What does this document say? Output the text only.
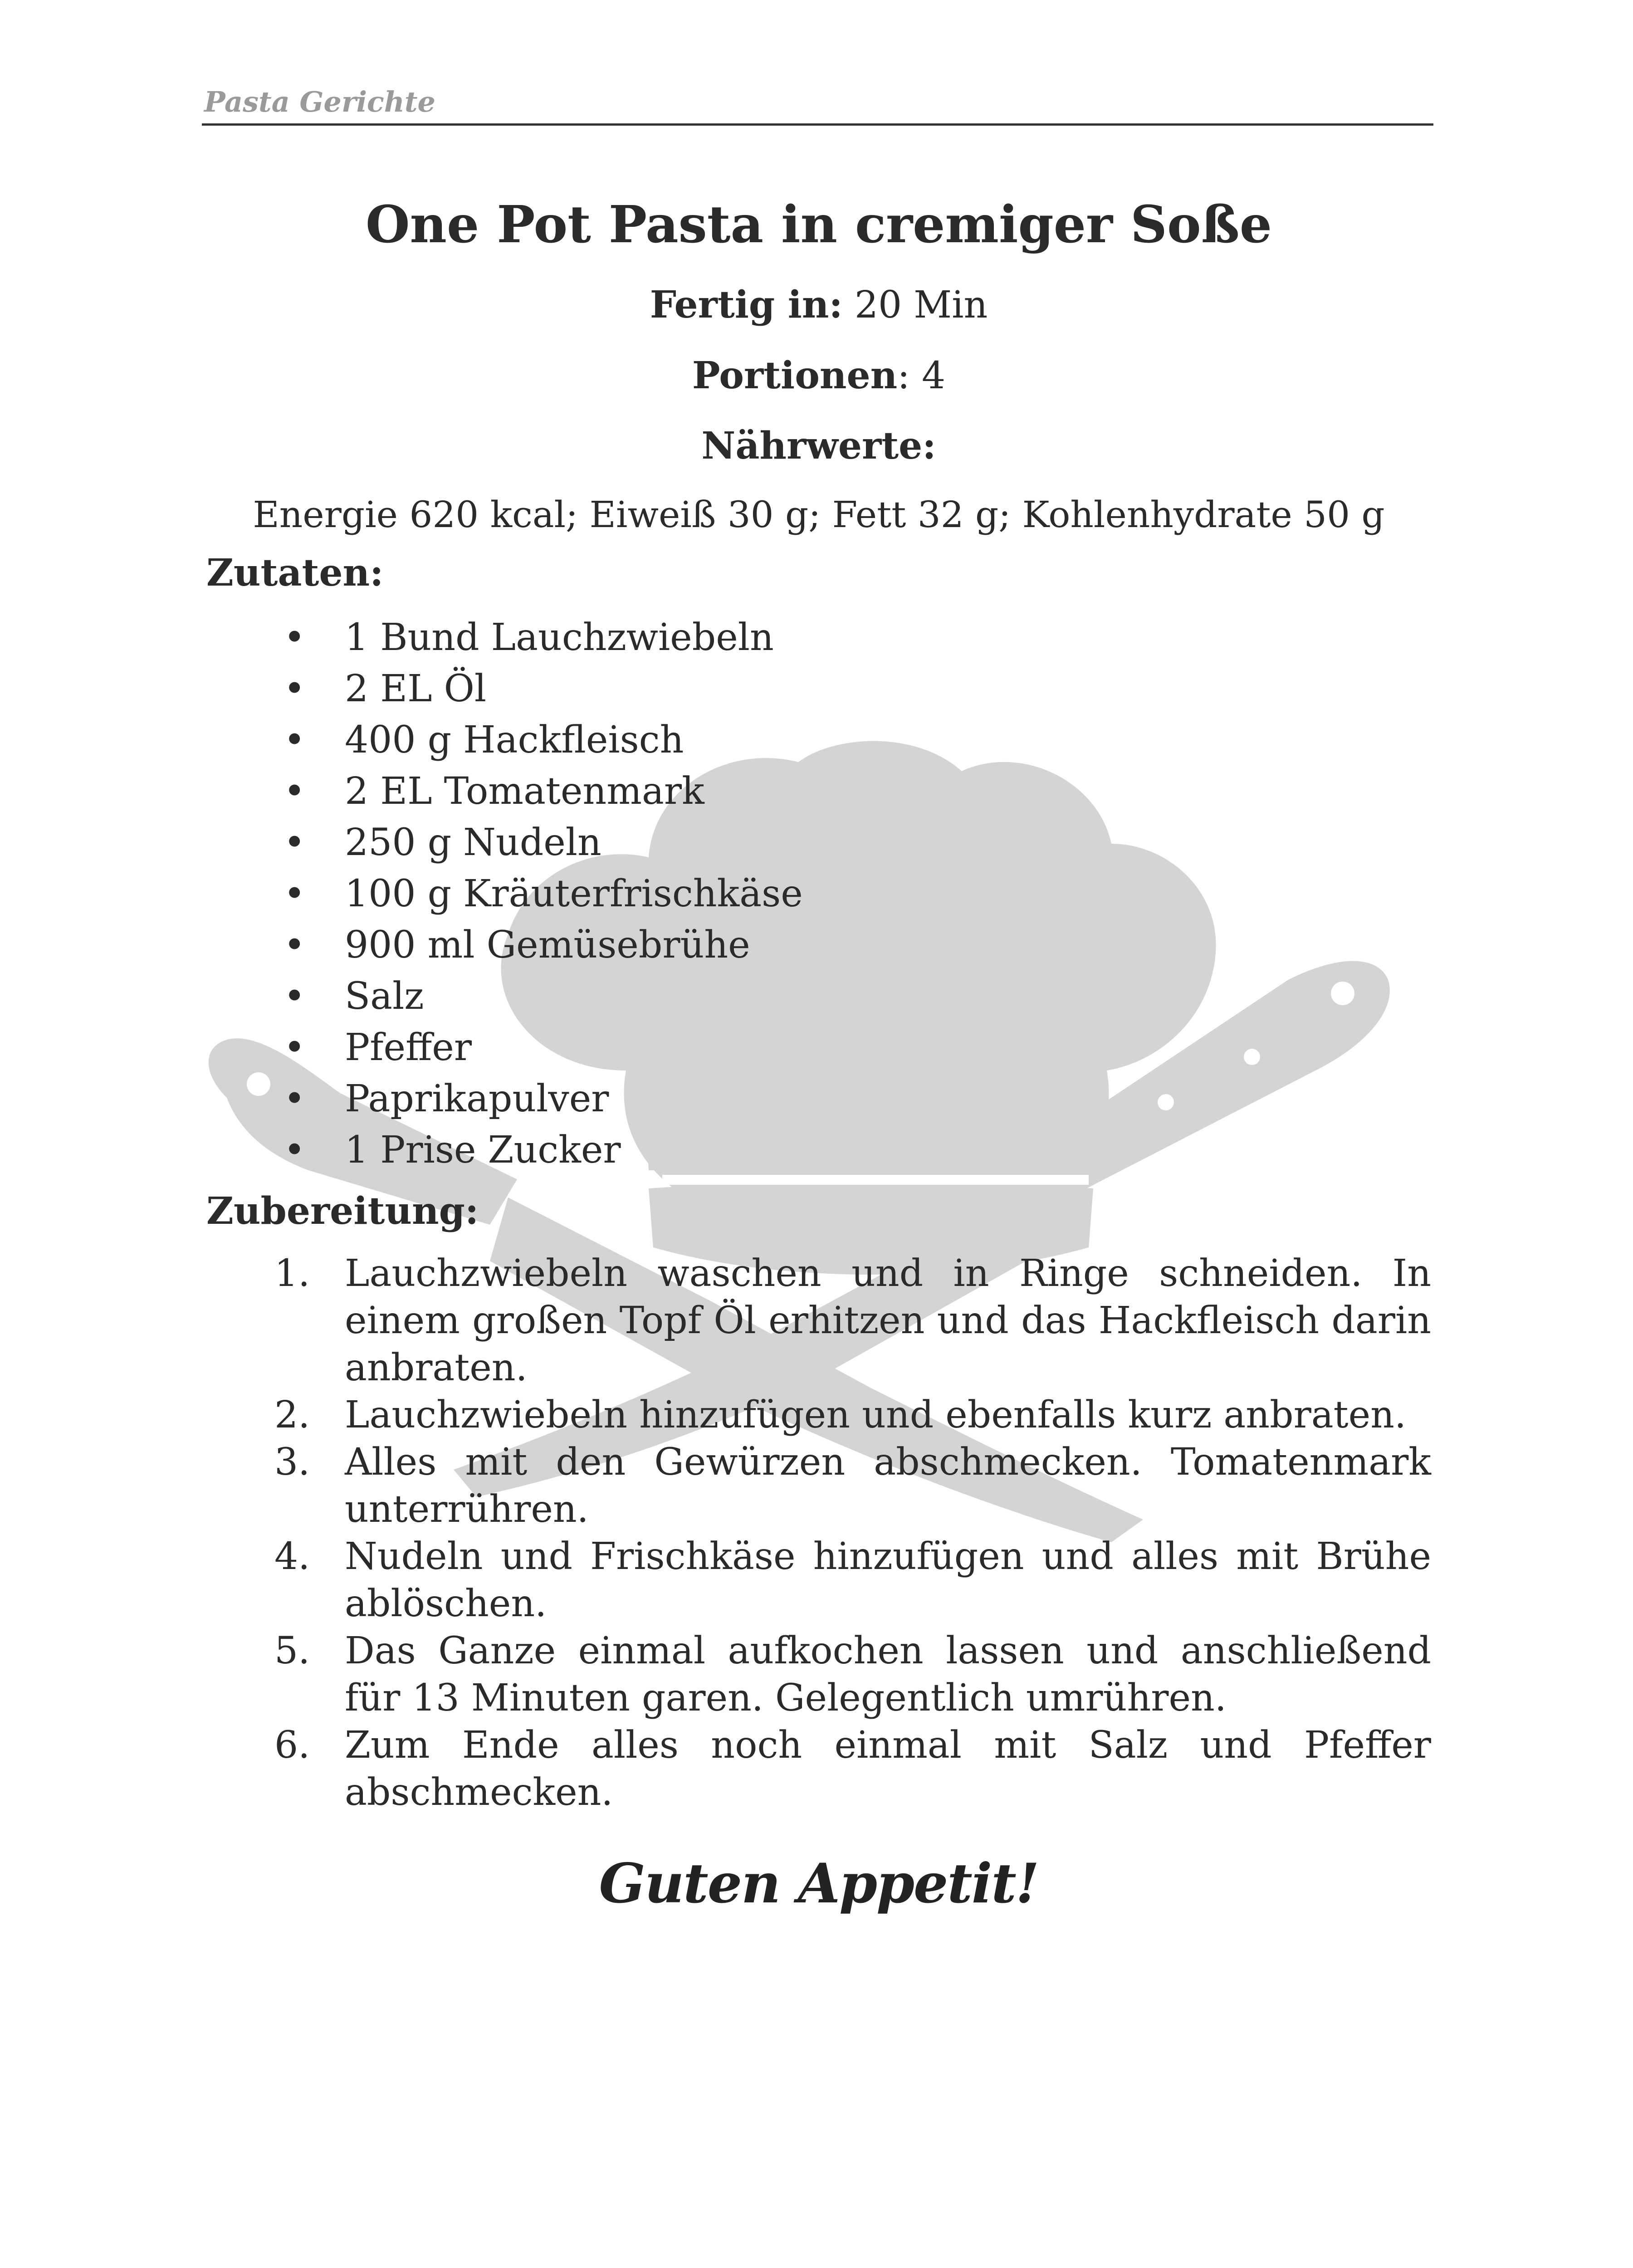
Pasta Gerichte
One Pot Pasta in cremiger Soße

Fertig in: 20 Min

Portionen: 4

Nährwerte:

Energie 620 kcal; Eiweiß 30 g; Fett 32 g; Kohlenhydrate 50 g

Zutaten:
• 1 Bund Lauchzwiebeln
• 2 EL Öl
• 400 g Hackfleisch
• 2 EL Tomatenmark
• 250 g Nudeln
• 100 g Kräuterfrischkäse
• 900 ml Gemüsebrühe
• Salz
• Pfeffer
• Paprikapulver
• 1 Prise Zucker
Zubereitung:
1. Lauchzwiebeln waschen und in Ringe schneiden. In einem großen Topf Öl erhitzen und das Hackfleisch darin anbraten.
2. Lauchzwiebeln hinzufügen und ebenfalls kurz anbraten.
3. Alles mit den Gewürzen abschmecken. Tomatenmark unterrühren.
4. Nudeln und Frischkäse hinzufügen und alles mit Brühe ablöschen.
5. Das Ganze einmal aufkochen lassen und anschließend für 13 Minuten garen. Gelegentlich umrühren.
6. Zum Ende alles noch einmal mit Salz und Pfeffer abschmecken.
Guten Appetit!
